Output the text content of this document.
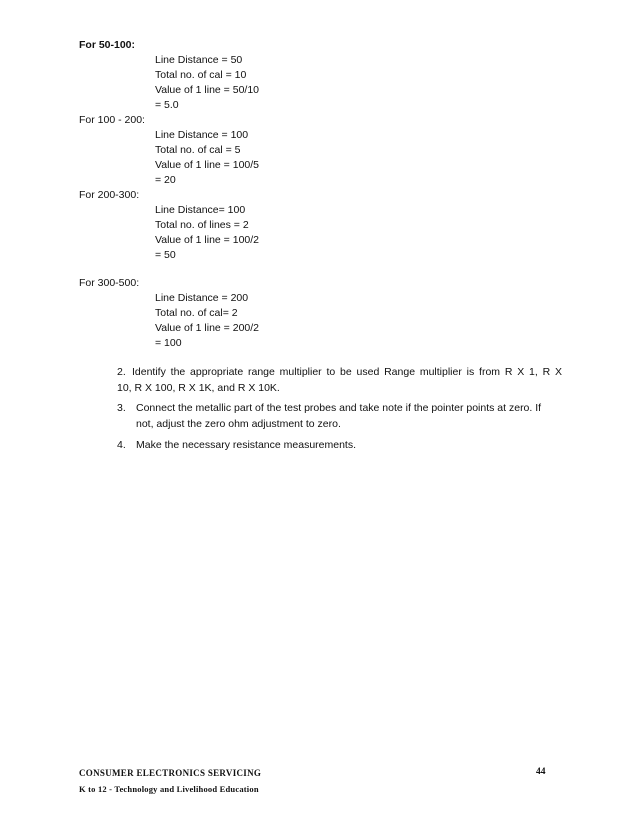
For 50-100:
Line Distance = 50
Total no. of cal = 10
Value of 1 line = 50/10
= 5.0
For 100 - 200:
Line Distance = 100
Total no. of cal = 5
Value of 1 line = 100/5
= 20
For 200-300:
Line Distance= 100
Total no. of lines = 2
Value of 1 line = 100/2
= 50
For 300-500:
Line Distance = 200
Total no. of cal= 2
Value of 1 line = 200/2
= 100
2. Identify the appropriate range multiplier to be used Range multiplier is from R X 1, R X
10, R X 100, R X 1K, and R X 10K.
3. Connect the metallic part of the test probes and take note if the pointer points at zero. If
not, adjust the zero ohm adjustment to zero.
4. Make the necessary resistance measurements.
CONSUMER ELECTRONICS SERVICING	44
K to 12 - Technology and Livelihood Education
